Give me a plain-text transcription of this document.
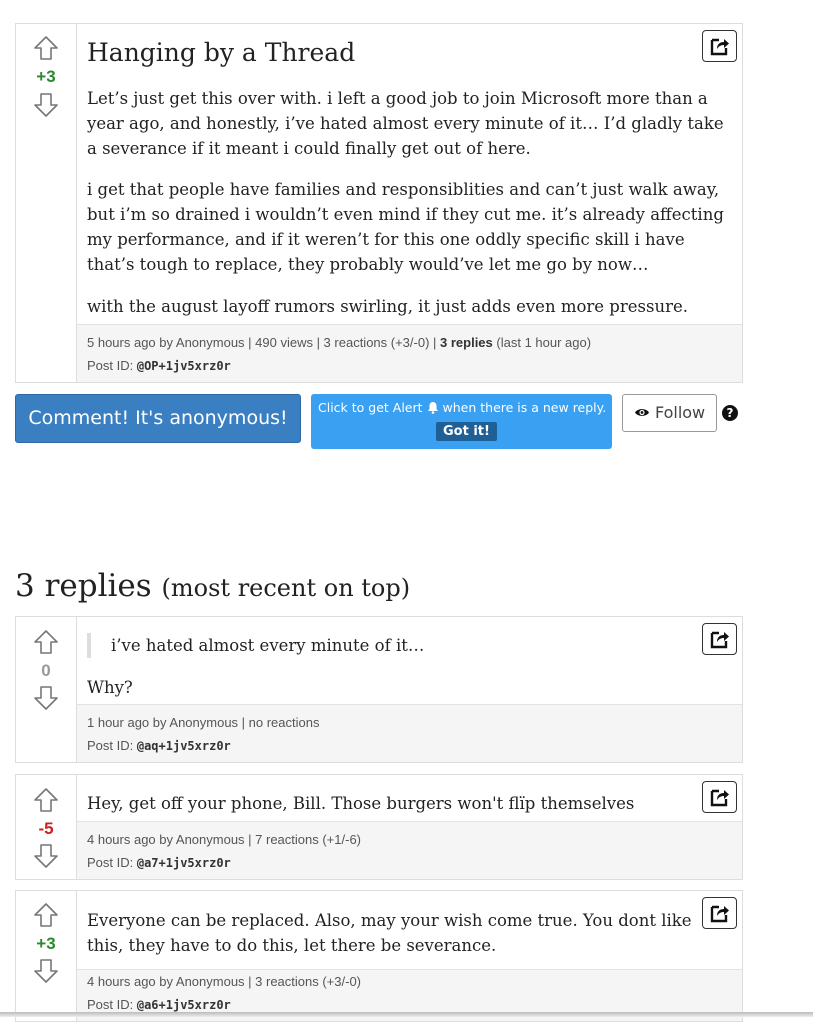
+3
Hanging by a Thread

Let’s just get this over with. i left a good job to join Microsoft more than a year ago, and honestly, i’ve hated almost every minute of it… I’d gladly take a severance if it meant i could finally get out of here.

i get that people have families and responsiblities and can’t just walk away, but i’m so drained i wouldn’t even mind if they cut me. it’s already affecting my performance, and if it weren’t for this one oddly specific skill i have that’s tough to replace, they probably would’ve let me go by now…

with the august layoff rumors swirling, it just adds even more pressure.

5 hours ago by Anonymous | 490 views | 3 reactions (+3/-0) | 3 replies (last 1 hour ago)
Post ID: @OP+1jv5xrz0r
Comment! It's anonymous!	Click to get Alert when there is a new reply.
Got it!
Follow	?
3 replies (most recent on top)
0
i’ve hated almost every minute of it…

Why?

1 hour ago by Anonymous | no reactions
Post ID: @aq+1jv5xrz0r
-5

Hey, get off your phone, Bill. Those burgers won't flïp themselves

4 hours ago by Anonymous | 7 reactions (+1/-6)
Post ID: @a7+1jv5xrz0r
+3

Everyone can be replaced. Also, may your wish come true. You dont like this, they have to do this, let there be severance.

4 hours ago by Anonymous | 3 reactions (+3/-0)
Post ID: @a6+1jv5xrz0r
